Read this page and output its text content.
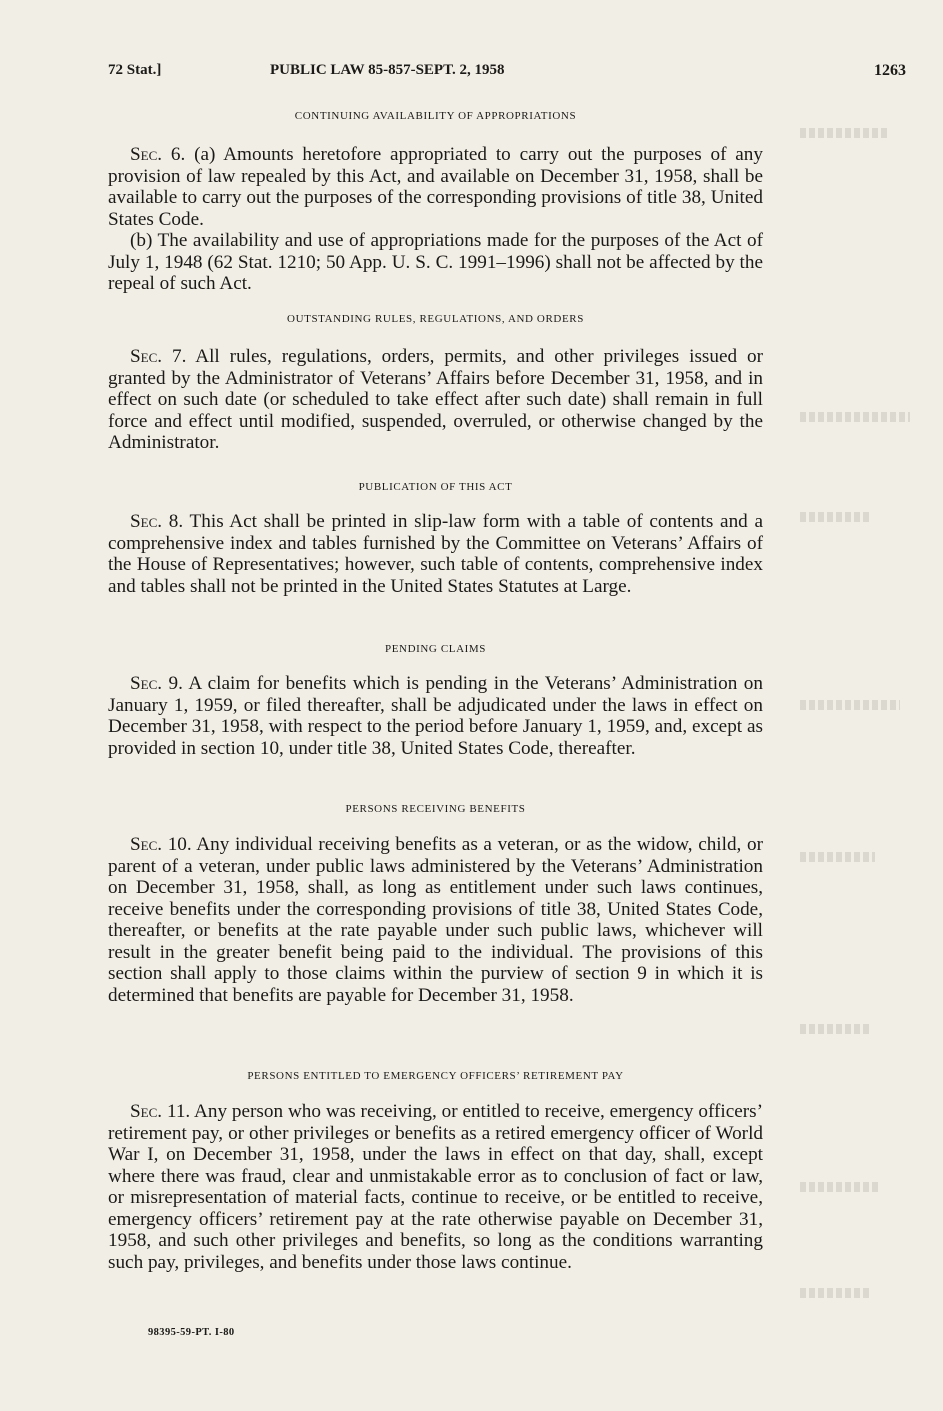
72 Stat.]	PUBLIC LAW 85-857-SEPT. 2, 1958	1263
CONTINUING AVAILABILITY OF APPROPRIATIONS

Sec. 6. (a) Amounts heretofore appropriated to carry out the purposes of any provision of law repealed by this Act, and available on December 31, 1958, shall be available to carry out the purposes of the corresponding provisions of title 38, United States Code.

(b) The availability and use of appropriations made for the purposes of the Act of July 1, 1948 (62 Stat. 1210; 50 App. U. S. C. 1991–1996) shall not be affected by the repeal of such Act.

OUTSTANDING RULES, REGULATIONS, AND ORDERS

Sec. 7. All rules, regulations, orders, permits, and other privileges issued or granted by the Administrator of Veterans’ Affairs before December 31, 1958, and in effect on such date (or scheduled to take effect after such date) shall remain in full force and effect until modified, suspended, overruled, or otherwise changed by the Administrator.

PUBLICATION OF THIS ACT

Sec. 8. This Act shall be printed in slip-law form with a table of contents and a comprehensive index and tables furnished by the Committee on Veterans’ Affairs of the House of Representatives; however, such table of contents, comprehensive index and tables shall not be printed in the United States Statutes at Large.

PENDING CLAIMS

Sec. 9. A claim for benefits which is pending in the Veterans’ Administration on January 1, 1959, or filed thereafter, shall be adjudicated under the laws in effect on December 31, 1958, with respect to the period before January 1, 1959, and, except as provided in section 10, under title 38, United States Code, thereafter.

PERSONS RECEIVING BENEFITS

Sec. 10. Any individual receiving benefits as a veteran, or as the widow, child, or parent of a veteran, under public laws administered by the Veterans’ Administration on December 31, 1958, shall, as long as entitlement under such laws continues, receive benefits under the corresponding provisions of title 38, United States Code, thereafter, or benefits at the rate payable under such public laws, whichever will result in the greater benefit being paid to the individual. The provisions of this section shall apply to those claims within the purview of section 9 in which it is determined that benefits are payable for December 31, 1958.

PERSONS ENTITLED TO EMERGENCY OFFICERS’ RETIREMENT PAY

Sec. 11. Any person who was receiving, or entitled to receive, emergency officers’ retirement pay, or other privileges or benefits as a retired emergency officer of World War I, on December 31, 1958, under the laws in effect on that day, shall, except where there was fraud, clear and unmistakable error as to conclusion of fact or law, or misrepresentation of material facts, continue to receive, or be entitled to receive, emergency officers’ retirement pay at the rate otherwise payable on December 31, 1958, and such other privileges and benefits, so long as the conditions warranting such pay, privileges, and benefits under those laws continue.

98395-59-PT. I-80
